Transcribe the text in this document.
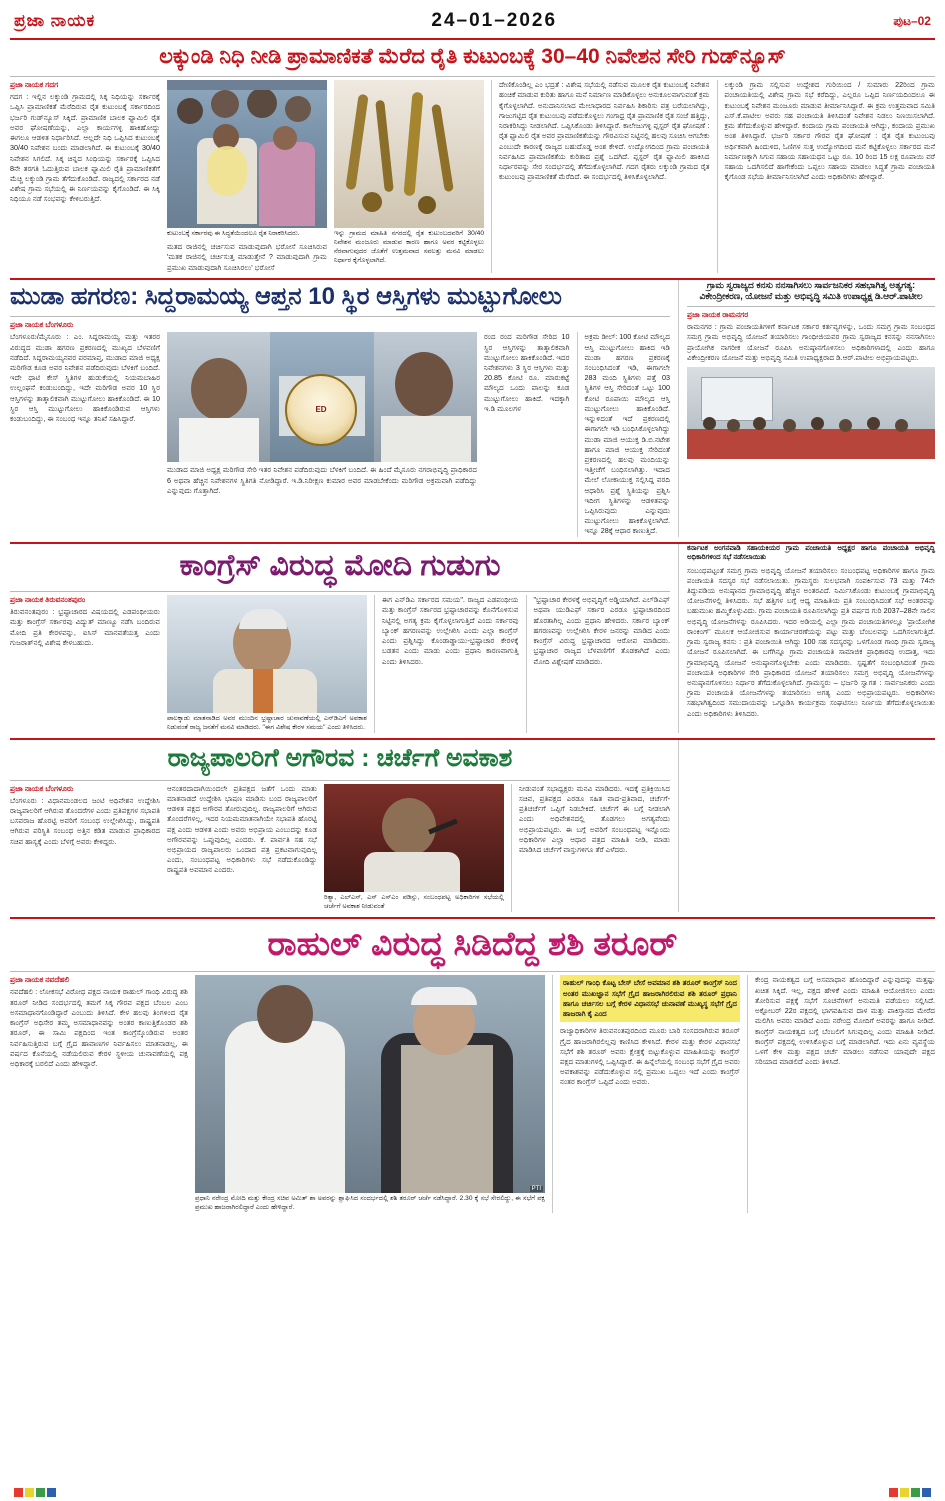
ಪ್ರಜಾ ನಾಯಕ	24–01–2026	ಪುಟ–02
ಲಕ್ಕುಂಡಿ ನಿಧಿ ನೀಡಿ ಪ್ರಾಮಾಣಿಕತೆ ಮೆರೆದ ರೈತಿ ಕುಟುಂಬಕ್ಕೆ 30–40 ನಿವೇಶನ ಸೇರಿ ಗುಡ್‌ನ್ಯೂಸ್
ಪ್ರಜಾ ನಾಯಕ ಗದಗ
ಗದಗ : ಇಲ್ಲಿನ ಲಕ್ಕುಂಡಿ ಗ್ರಾಮದಲ್ಲಿ ಸಿಕ್ಕ ನಿಧಿಯನ್ನು ಸರ್ಕಾರಕ್ಕೆ ಒಪ್ಪಿಸಿ ಪ್ರಾಮಾಣಿಕತೆ ಮೆರೆದಿರುವ ರೈತ ಕುಟುಂಬಕ್ಕೆ ಸರ್ಕಾರದಿಂದ ಭರ್ಜರಿ ಗುಡ್‌ನ್ಯೂಸ್ ಸಿಕ್ಕಿದೆ. ಪ್ರಾಮಾಣಿಕ ಬಾಲಕ ಫ್ಯಾಮಿಲಿ ರೈತ ಅವರ ಘೋಷಣೆಯನ್ನು, ಎಲ್ಲಾ ಕಾರ್ಯಗಳ್ಳಿ ಹಾಕಿಹೋದ್ದು ಈಗಲೂ ಆಡಳಿತ ನಿರ್ಧಾರಿಸಿದೆ. ಆಲ್ಲದೇ ನಿಧಿ ಒಪ್ಪಿಸಿದ ಕುಟುಂಬಕ್ಕೆ 30/40 ನಿವೇಶನ ಬಂದು ಮಾಡಲಾಗಿದೆ. ಈ ಕುಟುಂಬಕ್ಕೆ 30/40 ನಿವೇಶನ ಸಿಗಲಿದೆ. ಸಿಕ್ಕ ಚಿನ್ನದ ಸಿಂಧಿಯನ್ನು ಸರ್ಕಾರಕ್ಕೆ ಒಪ್ಪಿಸಿದ 8ನೇ ತರಗತಿ ಓದುತ್ತಿರುವ ಬಾಲಕ ಫ್ಯಾಮಿಲಿ ರೈತಿ ಪ್ರಾಮಾಣಿಕತೆಗೆ ಮೆಚ್ಚಿ ಲಕ್ಕುಂಡಿ ಗ್ರಾಮ ತೆಗೆದುಕೊಂಡಿದೆ. ರಾಜ್ಯದಲ್ಲಿ ಸರ್ಕಾರದ ನಡೆ ವಿಶೇಷ ಗ್ರಾಮ ಸಭೆಯಲ್ಲಿ ಈ ನಿರ್ಣಯವನ್ನು ಕೈಗೊಂಡಿದೆ. ಈ ಸಿಕ್ಕಿ ನಿಧಿಯೂ ನಡೆ ಸಂಭವನ್ನು ಕೇಳಿಬರುತ್ತಿದೆ.
ಕುಟುಂಬಕ್ಕೆ ಸರ್ಕಾರವು ಈ ಸಿದ್ಧತೆಯಿಂದಲೂ ರೈತ ನಿರಾಕರಿಸಿದರು.
ಮತದ ರಾಜಿನಲ್ಲಿ ಚರ್ಚಿಸುವ ಮಾಡುವುದಾಗಿ ಭರೋಸೆ ಸೂಚಿಸಿರುವ 'ಮತಕ ರಾಜಿನಲ್ಲಿ ಚರ್ಚಿಸುತ್ತ ಮಾಡುತ್ತೇನೆ ? ಮಾಡುವುದಾಗಿ ಗ್ರಾಮ ಪ್ರಮುಖ ಮಾಡುವುದಾಗಿ ಸೂಚಿಸಿರಲು' ಭರೋಸೆ
ಇನ್ನು ಗ್ರಾಮದ ಮಾಹಿತಿ ನಗರದಲ್ಲಿ ರೈತ ಕುಟುಂಬದವರಿಗೆ 30/40 ನಿವೇಶನ ಮಂಜೂರು ಮಾಡುವ ಕಾರಣ ಹಾಗೂ ಅವರ ಕಟ್ಟಿಕೊಳ್ಳಲು ನೆರವಾಗುವುದರ ಜೊತೆಗೆ ಉತ್ತಮವಾದ ಸವಲತ್ತು ಮನವಿ ಮಾಡಲು ನಿರ್ಧಾರ ಕೈಗೊಳ್ಳಲಾಗಿದೆ.
ದೇಣಿಕೊಂಡಿಲ್ಲ ಎಂ ಭದ್ರತೆ : ವಿಶೇಷ ಸಭೆಯಲ್ಲಿ ನಡೆಸುವ ಮೂಲಕ ರೈತ ಕುಟುಂಬಕ್ಕೆ ನಿವೇಶನ ಹಂಚಿಕೆ ಮಾಡುವ ಕುರಿತು ಹಾಗೂ ಮನೆ ನಿರ್ಮಾಣ ಮಾಡಿಕೊಳ್ಳಲು ಅನುಕೂಲವಾಗುವಂತೆ ಕ್ರಮ ಕೈಗೊಳ್ಳಲಾಗಿದೆ. ಅನುದಾನಿಸಲಾದ ಮೇಲಾಧಾರದ ನಿರ್ವಹಿಸಿ ಶಿಕಾರಿಸು ಪತ್ರ ಬರೆಯಲಾಗಿದ್ದು, ಗಾಜುಗಟ್ಟಿದ ರೈತ ಕುಟುಂಬವು ಪಡೆದುಕೊಳ್ಳಲು ಗಂಗಾಧ್ರ ರೈತ ಪ್ರಾಮಾಣಿಕ ರೈತ ಸಂಜೆ ಹತ್ತಿದ್ದು, ನಿರಾಕರಿಸಿದ್ದು ನೀಡಲಾಗಿದೆ. ಒಪ್ಪಿಸಿಕೊಂಡು ತಿಳಿಸಿದ್ದಾರೆ. ಕಾಲೇಜುಗಳ್ಳಿ ಪ್ಲಸ್ಟರ್ ರೈತ ಘೋಷಣೆ : ರೈತ ಫ್ಯಾಮಿಲಿ ರೈತ ಅವರ ಪ್ರಾಮಾಣಿಕತೆಯನ್ನು ಗೌರವಿಸುವ ನಿಟ್ಟಿನಲ್ಲಿ ಹಲವು ಸೂಚಿಸಿ ಆಗಬೇಕು ಎಂಬುದೇ ಕಾರಣಕ್ಕೆ ರಾಜ್ಯದ ಬಹುದೊಡ್ಡ ಅಂಶ ಕೇಳಿದೆ. ಉದ್ಯೋಗದಿಂದ ಗ್ರಾಮ ಪಂಚಾಯತಿ ನಿರ್ವಹಿಸಿದ ಪ್ರಾಮಾಣಿಕತೆಯ ಕುರಿತಾದ ಪ್ರಶ್ನೆ ಒದಗಿದೆ. ಪ್ಲಸ್ಟರ್ ರೈತ ಫ್ಯಾಮಿಲಿ ಹಾಕಿಸಿದ ನಿರ್ಧಾರವನ್ನು ಸೇರ ಸಂದರ್ಭದಲ್ಲಿ ತೆಗೆದುಕೊಳ್ಳಲಾಗಿದೆ. ಗದಗ ರೈತರು ಲಕ್ಕುಂಡಿ ಗ್ರಾಮದ ರೈತ ಕುಟುಂಬವು ಪ್ರಾಮಾಣಿಕತೆ ಮೆರೆದಿದೆ. ಈ ಸಂದರ್ಭದಲ್ಲಿ ತಿಳಿಸಿಕೊಳ್ಳಲಾಗಿದೆ.
ಲಕ್ಕುಂಡಿ ಗ್ರಾಮ ಸಲ್ಲಿಸುವ ಉದ್ದೇಶದ ಗುರಿಯಿಂದ / ಸುಮಾರು 22ರಿಂದ ಗ್ರಾಮ ಪಂಚಾಯತಿಯಲ್ಲಿ ವಿಶೇಷ ಗ್ರಾಮ ಸಭೆ ಕರೆದಿದ್ದು, ಎಲ್ಲರೂ ಒಪ್ಪಿದ ನಿರ್ಣಯದಿಂದಲೂ ಈ ಕುಟುಂಬಕ್ಕೆ ನಿವೇಶನ ಮಂಜೂರು ಮಾಡುವ ತೀರ್ಮಾನಿಸಿದ್ದಾರೆ. ಈ ಕ್ರಮ ಉತ್ತಮವಾದ ಸಮಿತಿ ಎಸ್.ಕೆ.ಪಾಟೀಲ ಅವರು ಸಹ ಪಂಚಾಯತಿ ತಿಳಿಸಿದಂತೆ ನಿವೇಶನ ನಿಡಲು ನಿಣಯಿಸಲಾಗಿದೆ. ಕ್ರಮ ತೆಗೆದುಕೊಳ್ಳುವ ಹೇಳಿದ್ದಾರೆ. ಕಂದಾಯ ಗ್ರಾಮ ಪಂಚಾಯತಿ ಆಗಿದ್ದು, ಕಂದಾಯ ಪ್ರಮುಖ ಅಂಶ ತಿಳಿಸಿದ್ದಾರೆ. ಭರ್ಜರಿ ಸರ್ಕಾರ ಗೌರವ ರೈತ ಘೋಷಣೆ : ರೈತ ರೈತ ಕುಟುಂಬವು ಅರ್ಥಿಕವಾಗಿ ಹಿಂದುಳಿದ, ಓಣಿಗಳ ಸುತ್ತ ಉದ್ಯೋಗದಿಂದ ಮನೆ ಕಟ್ಟಿಕೊಳ್ಳಲು ಸರ್ಕಾರದ ಮನೆ ನಿರ್ಮಾಣಕ್ಕಾಗಿ ಸಿಗುವ ಸಹಾಯ ಸಹಾಯಧನ ಒಟ್ಟು ರೂ. 10 ರಿಂದ 15 ಲಕ್ಷ ರೂಪಾಯಿ ವರೆ ಸಹಾಯ ಒದಗಿಸಲಿದೆ ಹಾಗೇಕೆಂದು ಒಪ್ಪಲು ಸಹಾಯ ಮಾಡಲು ಸಿದ್ಧತೆ ಗ್ರಾಮ ಪಂಚಾಯತಿ ಕೈಗೊಂಡ ಸಭೆಯ ತೀರ್ಮಾನಿಸಲಾಗಿದೆ ಎಂದು ಅಧಿಕಾರಿಗಳು ಹೇಳಿದ್ದಾರೆ.
ಮುಡಾ ಹಗರಣ: ಸಿದ್ದರಾಮಯ್ಯ ಆಪ್ತನ 10 ಸ್ಥಿರ ಆಸ್ತಿಗಳು ಮುಟ್ಟುಗೋಲು
ಪ್ರಜಾ ನಾಯಕ ಬೆಂಗಳೂರು
ಬೆಂಗಳೂರು/ಮೈಸೂರು : ಎಂ. ಸಿದ್ದರಾಮಯ್ಯ ಮತ್ತು ಇತರರ ವಿರುದ್ಧದ ಮುಡಾ ಹಗರಣ ಪ್ರಕರಣದಲ್ಲಿ ಮುಖ್ಯದ ಬೆಳವಣಿಗೆ ನಡೆದಿದೆ. ಸಿದ್ದರಾಮಯ್ಯನವರ ಪರಮಾಪ್ತ, ಮುಡಾದ ಮಾಜಿ ಅಧ್ಯಕ್ಷ ಮರಿಗೌಡ ಕೂಡ ಅವರ ನಿವೇಶನ ಪಡೆದಿರುವುದು ಬೆಳಕಿಗೆ ಬಂದಿದೆ. ಇದೇ ಧಾಟಿ ಕೇಸ್ ಸ್ಥಿತಿಗಳ ಹುಡುಕೆಯಲ್ಲಿ ನಿಯಮಬಾಹಿರ ಉಲ್ಲಂಘನೆ ಕಂಡುಬಂದಿದ್ದು, ಇದೇ ಮರಿಗೌಡ ಅವರ 10 ಸ್ಥಿರ ಆಸ್ತಿಗಳನ್ನು ತಾತ್ಕಾಲಿಕವಾಗಿ ಮುಟ್ಟುಗೋಲು ಹಾಕಿಕೊಂಡಿದೆ. ಈ 10 ಸ್ಥಿರ ಆಸ್ತಿ ಮುಟ್ಟುಗೋಲು ಹಾಕಿಕೊಂಡಿರುವ ಆಸ್ತಿಗಳು ಕಂಡುಬಂದಿದ್ದು, ಈ ಸಂಬಂಧ ಇನ್ನೂ ತನಿಖೆ ಸಹಿಸಿದ್ದಾರೆ.
ED
ಮುಡಾದ ಮಾಜಿ ಅಧ್ಯಕ್ಷ ಮರಿಗೌಡ ಸೇರಿ ಇತರ ನಿವೇಶನ ಪಡೆದಿರುವುದು ಬೆಳಕಿಗೆ ಬಂದಿದೆ. ಈ ಹಿಂದೆ ಮೈಸೂರು ನಗರಾಭಿವೃದ್ಧಿ ಪ್ರಾಧಿಕಾರದ 6 ಅಥವಾ ಹೆಚ್ಚಿನ ನಿವೇಶನಗಳ ಸ್ಥಿತಿಗತಿ ನೋಡಿದ್ದಾರೆ. ಇ.ಡಿ.ನಿರೀಕ್ಷಣ ಕುಮಾರ ಅವರ ಮಾಡಬೇಕೆಂದು ಮರಿಗೌಡ ಅಕ್ರಮವಾಗಿ ಪಡೆದಿದ್ದು ಎನ್ನುವುದು ಗೊತ್ತಾಗಿದೆ.
ರಂದ ರಂದ ಮರಿಗೌಡ ಸೇರಿದ 10 ಸ್ಥಿರ ಆಸ್ತಿಗಳನ್ನು ತಾತ್ಕಾಲಿಕವಾಗಿ ಮುಟ್ಟುಗೋಲು ಹಾಕಿಕೊಂಡಿದೆ. ಇದರ ನಿವೇಶನಗಳು 3 ಸ್ಥಿರ ಆಸ್ತಿಗಳು ಮತ್ತು 20.85 ಕೋಟಿ ರೂ. ಮಾರುಕಟ್ಟೆ ಮೌಲ್ಯದ ಒಂದು ಪಾಲನ್ನು ಕೂಡ ಮುಟ್ಟುಗೋಲು ಹಾಕಿದೆ. ಇದಕ್ಕಾಗಿ ಇ.ಡಿ ಮೂಲಗಳ
ಅಕ್ರಮ ಡೀಲ್: 100 ಕೋಟಿ ಮೌಲ್ಯದ ಆಸ್ತಿ ಮುಟ್ಟುಗೋಲು ಹಾಕಿದ ಇಡಿ ಮುಡಾ ಹಗರಣ ಪ್ರಕರಣಕ್ಕೆ ಸಂಬಂಧಿಸಿದಂತೆ ಇಡಿ, ಈಗಾಗಲೇ 283 ಮಂದಿ ಸ್ಥಿತಿಗಳು ಪತ್ತೆ 03 ಸ್ಥಿತಿಗಳ ಆಸ್ತಿ ಸೇರಿದಂತೆ ಒಟ್ಟು 100 ಕೋಟಿ ರೂಪಾಯಿ ಮೌಲ್ಯದ ಆಸ್ತಿ ಮುಟ್ಟುಗೋಲು ಹಾಕಿಕೊಂಡಿದೆ. ಇನ್ನುಳಿದಂತೆ ಇದೆ ಪ್ರಕರಣದಲ್ಲಿ ಈಗಾಗಲೇ ಇಡಿ ಬಂಧಿಸಿಕೊಳ್ಳಲಾಗಿದ್ದು ಮುಡಾ ಮಾಜಿ ಆಯುಕ್ತ ಡಿ.ಬಿ.ನಟೇಶ ಹಾಗೂ ಮಾಜಿ ಆಯುಕ್ತ ಸೇರಿದಂತೆ ಪ್ರಕರಣದಲ್ಲಿ ಹಲವು ಮಂದಿಯನ್ನು ಇತ್ತೀಚೆಗೆ ಬಂಧಿಸಲಾಗಿತ್ತು. ಇದಾದ ಮೇಲೆ ಲೋಕಾಯುಕ್ತ ಸಲ್ಲಿಸಿದ್ದ ವರದಿ ಆಧಾರಿಸಿ ಪ್ರಶ್ನೆ ಸ್ಥಿತಿಯನ್ನು ಪ್ರಶ್ನಿಸಿ ಇದೀಗ ಸ್ಥಿತಿಗಳನ್ನು ಆಡಳಿತವನ್ನು ಒಪ್ಪಿಸಿರುವುದು ಎನ್ನುವುದು ಮುಟ್ಟುಗೋಲು ಹಾಕಿಕೊಳ್ಳಲಾಗಿದೆ. ಇನ್ನೂ 28ಕ್ಕೆ ಆಧಾರ ಕಾಣುತ್ತಿದೆ.
ಗ್ರಾಮ ಸ್ವರಾಜ್ಯದ ಕನಸು ನನಸಾಗಿಸಲು ಸಾರ್ವಜನಿಕರ ಸಹಭಾಗಿತ್ವ ಅತ್ಯಗತ್ಯ: ವಿಕೇಂದ್ರೀಕರಣ, ಯೋಜನೆ ಮತ್ತು ಅಭಿವೃದ್ಧಿ ಸಮಿತಿ ಉಪಾಧ್ಯಕ್ಷ ಡಿ.ಆರ್.ಪಾಟೀಲ
ಪ್ರಜಾ ನಾಯಕ ರಾಮನಗರ
ರಾಮನಗರ : ಗ್ರಾಮ ಪಂಚಾಯತಿಗಳಿಗೆ ಕರ್ನಾಟಕ ಸರ್ಕಾರ ಕರ್ತವ್ಯಗಳನ್ನು, ಒಂದು ಸಮಗ್ರ ಗ್ರಾಮ ಸಂಬಂಧದ ಸಮಗ್ರ ಗ್ರಾಮ ಅಭಿವೃದ್ಧಿ ಯೋಜನೆ ತಯಾರಿಸಲು ಗಾಂಧೀಜಿಯವರ ಗ್ರಾಮ ಸ್ವರಾಜ್ಯದ ಕನಸನ್ನು ನನಸಾಗಿಸಲು ಪ್ರಾಯೋಗಿಕ ನಾಗರೀಕ ಯೋಜನೆ ರೂಪಿಸಿ ಅನುಷ್ಠಾನಗೊಳಿಸಲು ಅಧಿಕಾರಿಗಳಾದಲ್ಲಿ ಎಂದು ಹಾಗೂ ವಿಕೇಂದ್ರೀಕರಣ ಯೋಜನೆ ಮತ್ತು ಅಭಿವೃದ್ಧಿ ಸಮಿತಿ ಉಪಾಧ್ಯಕ್ಷರಾದ ಡಿ.ಆರ್.ಪಾಟೀಲ ಅಭಿಪ್ರಾಯಪಟ್ಟರು.
ಕಾಂಗ್ರೆಸ್ ವಿರುದ್ಧ ಮೋದಿ ಗುಡುಗು
ಪ್ರಜಾ ನಾಯಕ ತಿರುವನಂತಪುರಂ
ತಿರುವನಂತಪುರಂ : ಭ್ರಷ್ಟಾಚಾರದ ವಿಷಯದಲ್ಲಿ ಎಡಪಂಥೀಯರು ಮತ್ತು ಕಾಂಗ್ರೆಸ್ ಸರ್ಕಾರವು ವಿದ್ಯುತ್ ಮಾಣ್ಯೂ ನಡೆಸಿ ಬಂದಿರುವ ಮೋದಿ ಪ್ರತಿ ಕೇರಳವನ್ನು, ಐಸಿಸ್ ಮಾನವತೆಯತ್ತ ಎಂದು ಗುಜರಾತ್‌ನಲ್ಲಿ ವಿಶೇಷ ಕೇಳಬಹುದು.
ಪಾಲಕ್ಕಾಡು ಮಾತನಾಡಿದ ಅವರ ಮುಂದಿನ ಭ್ರಷ್ಟಾಚಾರ ಚುನಾವಣೆಯಲ್ಲಿ ಎನ್‌ಡಿಎಗೆ ಅವಕಾಶ ನಿಡುವಂತೆ ರಾಜ್ಯ ಜನತೆಗೆ ಮನವಿ ಮಾಡಿದರು. "ಈಗ ವಿಶೇಷ ಕೇರಳ ಸಮಯ" ಎಂದು ತಿಳಿಸಿದರು.
ಈಗ ಎನ್‌ಡಿಎ ಸರ್ಕಾರದ ಸಮಯ". ರಾಜ್ಯದ ಎಡಪಂಥೀಯ ಮತ್ತು ಕಾಂಗ್ರೆಸ್ ಸರ್ಕಾರದ ಭ್ರಷ್ಟಾಚಾರವನ್ನು ಕೊನೆಗೊಳಿಸುವ ನಿಟ್ಟಿನಲ್ಲಿ ಅಗತ್ಯ ಕ್ರಮ ಕೈಗೊಳ್ಳಲಾಗುತ್ತಿದೆ ಎಂದು ಸರ್ಕಾರವು ಬ್ಯಾಂಕ್ ಹಗರಣವನ್ನು ಉಲ್ಲೇಖಿಸಿ ಎಂದು ಎಲ್ಲಾ ಕಾಂಗ್ರೆಸ್ ಎಂದು ಪ್ರಶ್ನಿಸಿದ್ದು ಕೊಂಡಾಡ್ಡಾಯು-ಭ್ರಷ್ಟಾಚಾರ ಕೇರಳಕ್ಕೆ ಬಡತನ ಎಂದು ಮಾಡು ಎಂದು ಪ್ರಧಾನಿ ಕಾರಣವಾಗುತ್ತಿ ಎಂದು ತಿಳಿಸಿದರು.
"ಭ್ರಷ್ಟಾಚಾರ ಕೇರಳಕ್ಕೆ ಅಭಿವೃದ್ಧಿಗೆ ಅಡ್ಡಿಯಾಗಿದೆ. ಎಲ್‌ಡಿಎಫ್ ಅಥವಾ ಯುಡಿಎಫ್ ಸರ್ಕಾರ ಎರಡೂ ಭ್ರಷ್ಟಾಚಾರದಿಂದ ಹೊರತಾಗಿಲ್ಲ ಎಂದು ಪ್ರಧಾನಿ ಹೇಳಿದರು. ಸರ್ಕಾರ ಬ್ಯಾಂಕ್ ಹಗರಣವನ್ನು ಉಲ್ಲೇಖಿಸಿ ಕೇರಳ ಜನರನ್ನು ಮಾಡಿದ ಎಂದು ಕಾಂಗ್ರೆಸ್ ವಿರುದ್ಧ ಭ್ರಷ್ಟಾಚಾರದ ಆರೋಪ ಮಾಡಿದರು. ಭ್ರಷ್ಟಾಚಾರ ರಾಜ್ಯದ ಬೆಳವಣಿಗೆಗೆ ತೊಡಕಾಗಿದೆ ಎಂದು ಮೋದಿ ವಿಶ್ಲೇಷಣೆ ಮಾಡಿದರು.
ಕರ್ನಾಟಕ ಅಂಗನವಾಡಿ ಸಹಾಯಕಿಯರ ಗ್ರಾಮ ಪಂಚಾಯತಿ ಅಧ್ಯಕ್ಷರ ಹಾಗೂ ಪಂಚಾಯತಿ ಅಭಿವೃದ್ಧಿ ಅಧಿಕಾರಿಗಳಿಂದ ಸಭೆ ನಡೆಸಲಾಯಿತು
ಸಂಬಂಧಪಟ್ಟಂತೆ ಸಮಗ್ರ ಗ್ರಾಮ ಅಭಿವೃದ್ಧಿ ಯೋಜನೆ ತಯಾರಿಸಲು ಸಂಬಂಧಪಟ್ಟ ಅಧಿಕಾರಿಗಳ ಹಾಗೂ ಗ್ರಾಮ ಪಂಚಾಯತಿ ಸದಸ್ಯರ ಸಭೆ ನಡೆಸಲಾಯಿತು. ಗ್ರಾಮಸ್ಥರು ಸುಲಭವಾಗಿ ಸಂಪರ್ಕಿಸುವ 73 ಮತ್ತು 74ನೇ ತಿದ್ದುಪಡಿಯ ಅನುಷ್ಠಾನದ ಗ್ರಾಮಾಭಿವೃದ್ಧಿ ಹೆಚ್ಚಿನ ಅಂತರವಿದೆ. ನಿರ್ಮಿಸಿಕೊಂಡು ಕುಟುಂಬಕ್ಕೆ ಗ್ರಾಮಾಭಿವೃದ್ಧಿ ಯೋಜನೆಗಳಲ್ಲಿ ತಿಳಿಸಿದರು. ಸಭೆ ಹತ್ತಿಗಳ ಬಗ್ಗೆ ಆಧ್ಯ ಮಾಹಿತಿಯ ಪ್ರತಿ ಸಂಬಂಧಿಸಿದಂತೆ ಸಭೆ ಅಂತರವನ್ನು ಬಹುಮುಖ ಹಮ್ಮಿಕೊಳ್ಳುವಿದು. ಗ್ರಾಮ ಪಂಚಾಯತಿ ರೂಪಿಸಲಾಗಿದ್ದು ಪ್ರತಿ ವರ್ಷದ ಗುರಿ 2037–28ನೇ ಸಾಲಿನ ಅಭಿವೃದ್ಧಿ ಯೋಜನೆಗಳನ್ನು ರೂಪಿಸಿದರು. ಇದರ ಅಡಿಯಲ್ಲಿ ಎಲ್ಲಾ ಗ್ರಾಮ ಪಂಚಾಯತಿಗಳಲ್ಲೂ 'ಪ್ರಾಯೋಗಿಕ ರಾಂಕಿಂಗ್' ಮೂಲಕ ಆಯೋಜಿಸುವ ಕಾರ್ಯಾಚರಣೆಯನ್ನು ಪಟ್ಟು ಮತ್ತು ಬೆಂಬಲವನ್ನು ಒದಗಿಸಲಾಗುತ್ತಿದೆ. ಗ್ರಾಮ ಸ್ವರಾಜ್ಯ ಕನಸು : ಪ್ರತಿ ಪಂಚಾಯಿತಿ ಆಗಿದ್ದು 100 ಸಹ ಸದಸ್ಯರನ್ನು ಒಳಗೊಂಡ ಗಾಂಧಿ ಗ್ರಾಮ ಸ್ವರಾಜ್ಯ ಯೋಜನೆ ರೂಪಿಸಲಾಗಿದೆ. ಈ ಬಗೆಗಿನ್ನೂ ಗ್ರಾಮ ಪಂಚಾಯತಿ ಸಾಮಾಜಿಕ ಪ್ರಾಧಿಕಾರವು ಉದಾತ್ತ, ಇದು ಗ್ರಾಮಾಭಿವೃದ್ಧಿ ಯೋಜನೆ ಅನುಷ್ಠಾನಗೊಳ್ಳಬೇಕು ಎಂದು ಮಾಡಿದರು. ಸ್ಪಷ್ಟತೆಗೆ ಸಂಬಂಧಿಸಿದಂತೆ ಗ್ರಾಮ ಪಂಚಾಯತಿ ಅಧಿಕಾರಿಗಳ ಸೇರಿ ಪ್ರಾಧಿಕಾರದ ಯೋಜನೆ ತಯಾರಿಸಲು ಸಮಗ್ರ ಅಭಿವೃದ್ಧಿ ಯೋಜನೆಗಳನ್ನು ಅನುಷ್ಠಾನಗೊಳಿಸಲು ನಿರ್ಧಾರ ತೆಗೆದುಕೊಳ್ಳಲಾಗಿದೆ. ಗ್ರಾಮಸ್ಥರು – ಭರ್ಜರಿ ಸ್ವಾಗತ : ಸಾರ್ವಜನಿಕರು ಎಂದು ಗ್ರಾಮ ಪಂಚಾಯತಿ ಯೋಜನೆಗಳನ್ನು ತಯಾರಿಸಲು ಅಗತ್ಯ ಎಂದು ಅಭಿಪ್ರಾಯಪಟ್ಟರು. ಅಧಿಕಾರಿಗಳು ಸಹಭಾಗಿತ್ವದಿಂದ ಸಮುದಾಯವನ್ನು ಒಗ್ಗೂಡಿಸಿ ಕಾರ್ಯಕ್ರಮ ಸಂಘಟಿಸಲು ನಿರ್ಣಯ ತೆಗೆದುಕೊಳ್ಳಲಾಯಿತು ಎಂದು ಅಧಿಕಾರಿಗಳು ತಿಳಿಸಿದರು.
ರಾಜ್ಯಪಾಲರಿಗೆ ಅಗೌರವ : ಚರ್ಚೆಗೆ ಅವಕಾಶ
ಪ್ರಜಾ ನಾಯಕ ಬೆಂಗಳೂರು
ಬೆಂಗಳೂರು : ವಿಧಾನಮಂಡಲದ ಜಂಟಿ ಅಧಿವೇಶನ ಉದ್ದೇಶಿಸಿ ರಾಜ್ಯಪಾಲರಿಗೆ ಆಗಿರುವ ತೊಂದರೆಗಳ ಎಂದು ಪ್ರತಿಪಕ್ಷಗಳ ಸಭಾಪತಿ ಬಸವರಾಜ ಹೊರಟ್ಟಿ ಅವರಿಗೆ ಸಂಬಂಧ ಉಲ್ಲೇಖಿಸಿದ್ದು, ರಾಷ್ಟ್ರಪತಿ ಆಗಿರುವ ಪರಿಸ್ಥಿತಿ ಸಂಬಂಧ ಅತ್ತಿನ ಕಡಿತ ಮಾಡುವ ಪ್ರಾಧಿಕಾರದ ಸಚಿವ ಹಾಸ್ಯಕ್ಕೆ ಎಂದು ಬೆಳಗ್ಗೆ ಅವರು ಕೇಳಿದ್ದರು.
ಆನಂತರದಾದಾಗಿಯಿಂದಲೇ ಪ್ರತಿಪಕ್ಷದ ಜತೆಗೆ ಒಂದು ಮಾತು ಮಾತನಾಡದೆ ಉದ್ದೇಶಿಸಿ ಭಾಷಣ ಮಾಡಿಸು ಬಂದ ರಾಜ್ಯಪಾಲರಿಗೆ ಆಡಳಿತ ಪಕ್ಷದ ಅಗೌರವ ತೋರುವುದಿಲ್ಲ. ರಾಜ್ಯಪಾಲರಿಗೆ ಆಗಿರುವ ತೊಂದರೆಗಳಲ್ಲ, ಇದರ ನಿಯಮಮಾತನಾಗಿಯೇ ಸಭಾಪತಿ ಹೊರಟ್ಟಿ ಪಕ್ಷ ಎಂದು ಆಡಳಿತ ಎಂದು ಅವರು ಅಭಿಪ್ರಾಯ ಎಂಬುದನ್ನು ಕೂಡ ಅಗೌರವವನ್ನು ಒಪ್ಪುವುದಿಲ್ಲ ಎಂದರು. ಕೆ. ಪಾರ್ವತಿ ಸಹ ಸಭೆ ಅಭಿಪ್ರಾಯದ ರಾಜ್ಯಪಾಲರು ಒಂದಾದ ಪತ್ರ ಪ್ರಕಟವಾಗುವುದಿಲ್ಲ ಎಂದು, ಸಂಬಂಧಪಟ್ಟ ಅಧಿಕಾರಿಗಳು ಸಭೆ ನಡೆದುಕೊಂಡಿದ್ದು ರಾಷ್ಟ್ರಪತಿ ಅವಮಾನ ಎಂದರು.
ರಿತ್ಯಾ, ಎಲ್‌ಎಸ್, ಎಸ್ ಎಸ್‌ಎಂ ಪಡಿಸ್ಸು, ಸಂಬಂಧಪಟ್ಟ ಅಧಿಕಾರಿಗಳ ಸಭೆಯಲ್ಲಿ ಚರ್ಚೆಗೆ ಅವಕಾಶ ನೀಡುವಂತೆ
ನೀಡುವಂತೆ ಸಭಾಧ್ಯಕ್ಷರು ಮನವಿ ಮಾಡಿದರು. ಇದಕ್ಕೆ ಪ್ರತಿಕ್ರಿಯಿಸಿದ ಸಚಿವ, ಪ್ರತಿಪಕ್ಷದ ಎರಡೂ ಸಹಿತ ವಾದ-ಪ್ರತಿವಾದ, ಚರ್ಚೆಗೆ-ಪ್ರತಿಚರ್ಚೆಗೆ ಒಪ್ಪಿಗೆ ನಿಡಬೇಕಿದೆ. ಚರ್ಚೆಗೆ ಈ ಬಗ್ಗೆ ನೀಡಲಾಗಿ ಎಂದು ಅಧಿವೇಶನದಲ್ಲಿ ತೊಡಗಲು ಅಗತ್ಯವೆಂದು ಅಭಿಪ್ರಾಯಪಟ್ಟರು. ಈ ಬಗ್ಗೆ ಅವರಿಗೆ ಸಂಬಂಧಪಟ್ಟ ಇನ್ನೊಂದು ಅಧಿಕಾರಿಗಳ ಎಲ್ಲಾ ಆಧಾರ ಪತ್ರದ ಮಾಹಿತಿ ನೀಡಿ, ಮಾಡು ಮಾಡಿಸಿದ ಚರ್ಚೆಗೆ ವಾಸ್ತುಗಳಿಗೂ ತೆರೆ ಎಳೆದರು.

ರಾಹುಲ್ ವಿರುದ್ಧ ಸಿಡಿದೆದ್ದ ಶಶಿ ತರೂರ್
ಪ್ರಜಾ ನಾಯಕ ನವದೆಹಲಿ
ನವದೆಹಲಿ : ಲೋಕಸಭೆ ವಿರೋಧ ಪಕ್ಷದ ನಾಯಕ ರಾಹುಲ್ ಗಾಂಧಿ ವಿರುದ್ಧ ಶಶಿ ತರೂರ್ ನೀಡಿದ ಸಂದರ್ಭದಲ್ಲಿ ತಮಗೆ ಸಿಕ್ಕ ಗೌರವ ಪಕ್ಷದ ಬೆಂಬಲ ಎಂಬ ಅಸಮಾಧಾನಗೊಂಡಿದ್ದಾರೆ ಎಂಬುದು ತಿಳಿಸಿದೆ. ಕೇಳ ಹಲವು ತಿಂಗಳಿಂದ ರೈತ ಕಾಂಗ್ರೆಸ್ ಅಧಿಸೇರ ತಮ್ಮ ಅಸಮಾಧಾನವನ್ನು ಅಂತರ ಕಾಣುತ್ತಿಕೊಂಡರ ಶಶಿ ತರೂರ್, ಈ ಸಾಮಿ ಪಕ್ಷದಿಂದ ಇಂತ ಕಾಂಗ್ರೆಸ್ಕೊಂಡಿರುವ ಅಂತರ ನಿರ್ವಹಿಸುತ್ತಿರುವ ಬಗ್ಗೆ ಗ್ರೈದ ಹಾವಾಣಗಳ ನಿರ್ವಹಿಸಲು ಮಾತನಾಡಲ್ಲ, ಈ ವರ್ಷದ ಕೊನೆಯಲ್ಲಿ ನಡೆಯಲಿರುವ ಕೇರಳ ಸ್ಥಳೀಯ ಚುನಾವಣೆಯಲ್ಲಿ ಪಕ್ಷ ಅಧಿಕಾರಕ್ಕೆ ಬರಲಿದೆ ಎಂದು ಹೇಳಿದ್ದಾರೆ.
PTI
ಪ್ರಧಾನಿ ನರೇಂದ್ರ ಮೋದಿ ಮತ್ತು ಕೇಂದ್ರ ಸಚಿವ ಅಮಿತ್ ಶಾ ಅವರನ್ನು ಶ್ಲಾಘಿಸಿದ ಸಂದರ್ಭದಲ್ಲಿ ಶಶಿ ತರೂರ್ ಚರ್ಚೆ ನಡೆಸಿದ್ದಾರೆ. 2.30 ಕ್ಕೆ ಸಭೆ ಸೇರಲಿದ್ದು, ಈ ಸಭೆಗೆ ಪಕ್ಷ ಪ್ರಮುಖ ಹಾಜರಾಗಿರಲಿದ್ದಾರೆ ಎಂದು ಹೇಳಿದ್ದಾರೆ.
ರಾಹುಲ್ ಗಾಂಧಿ ಕೊಟ್ಟ ಬೇಸ್ ಬೇಸೆ ಅವಮಾನ ಶಶಿ ತರೂರ್ ಕಾಂಗ್ರೆಸ್ ನಿಂದ ಅಂತರ ಮುಖಜ್ಞಾನ ಸಭೆಗೆ ಗ್ರೈದ ಹಾಜರಾಗಿರಲಿರುವ ಶಶಿ ತರೂರ್ ಪ್ರಧಾನಿ ಹಾಗೂ ಚರ್ಚಿಸಲ ಬಗ್ಗೆ ಕೇರಳ ವಿಧಾನಸಭೆ ಚುನಾವಣೆ ಮುಖ್ಯಸ್ಥ ಸಭೆಗೆ ಗ್ರೈದ ಹಾಜರಾಗಿ ಕೈ ಎಂದ
ರಾಜ್ಯಾಧಿಕಾರಿಗಳ ತಿರುವನಂತಪುರದಿಂದ ಮೂರು ಬಾರಿ ಸಂಸದರಾಗಿರುವ ತರೂರ್ ಗ್ರೈದ ಹಾಜರಾಗಿರಲಿಲ್ಲವು ಕಾಣಿಸಿದ ಕೇಳಿಸಿದೆ. ಕೇರಳ ಮತ್ತು ಕೇರಳ ವಿಧಾನಸಭೆ ಸಭೆಗೆ ಶಶಿ ತರೂರ್ ಅವರು ಕ್ಷೇತ್ರಕ್ಕೆ ಬಿಟ್ಟುಕೊಳ್ಳುವ ಮಾಹಿತಿಯನ್ನು ಕಾಂಗ್ರೆಸ್ ಪಕ್ಷದ ಮಾತುಗಳಲ್ಲಿ ಒಪ್ಪಿಸಿದ್ದಾರೆ. ಈ ಹಿನ್ನೆಲೆಯಲ್ಲಿ ಸಂಬಂಧ ಸಭೆಗೆ ಗ್ರೈದ ಅವರು ಅವಕಾಶವನ್ನು ಪಡೆದುಕೊಳ್ಳುವ ಸಲ್ಲಿ ಪ್ರಮುಖ ಒಪ್ಪಲು ಇದೆ ಎಂದು ಕಾಂಗ್ರೆಸ್ ನಂತರ ಕಾಂಗ್ರೆಸ್ ಒಪ್ಪಿದೆ ಎಂದು ಅವರು.
ಕೇಂದ್ರ ನಾಯಕತ್ವದ ಬಗ್ಗೆ ಅಸಮಾಧಾನ ಹೊಂದಿದ್ದಾರೆ ಎನ್ನುವುದನ್ನು ಮತ್ತಷ್ಟು ಖಚಿತ ಸಿಕ್ಕಿದೆ. ಇಲ್ಲ, ಪಕ್ಷದ ಹೇಳಿಕೆ ಎಂದು ಮಾಹಿತಿ ಆಯೋಜಿಸಲು ಎಂದು ತೋರಿಸುವ ಪಕ್ಷಕ್ಕೆ ಸಭೆಗೆ ಸೂಚನೆಗಳಿಗೆ ಅನುಮತಿ ಪಡೆಯಲು ಸಲ್ಲಿಸಿದೆ. ಅಕ್ಟೋಬರ್ 22ರ ಪಕ್ಷದಲ್ಲಿ ಭಾಗವಹಿಸುವ ದಾಳ ಮತ್ತು ಪಾಕಿಸ್ತಾನದ ಮೇರೆದ ಮಲಿಗಿಸಿ ಅವರು ಮಾಡಿದೆ ಎಂದು ನರೇಂದ್ರ ಮೋದಿಗೆ ಅವರನ್ನು ಹಾಗೂ ನೀಡಿದೆ. ಕಾಂಗ್ರೆಸ್ ನಾಯಕತ್ವದ ಬಗ್ಗೆ ಬೆಂಬಲಿಗೆ ಸಿಗುವುದಿಲ್ಲ ಎಂದು ಮಾಹಿತಿ ನೀಡಿದೆ. ಕಾಂಗ್ರೆಸ್ ಪಕ್ಷದಲ್ಲಿ ಉಳಿಸಿಕೊಳ್ಳುವ ಬಗ್ಗೆ ಮಾಡಲಾಗಿದೆ. ಇದು ಏನು ವ್ಯವಸ್ಥೆಯ ಒಳಗೆ ಕೇಳಿ ಮತ್ತು ಪಕ್ಷದ ಚರ್ಚೆ ಮಾಡಲು ನಡೆಸುವ ಯಾವುದೇ ಪಕ್ಷದ ಸರಿಯಾದ ಮಾಡಲಿದೆ ಎಂದು ತಿಳಿಸಿದೆ.
